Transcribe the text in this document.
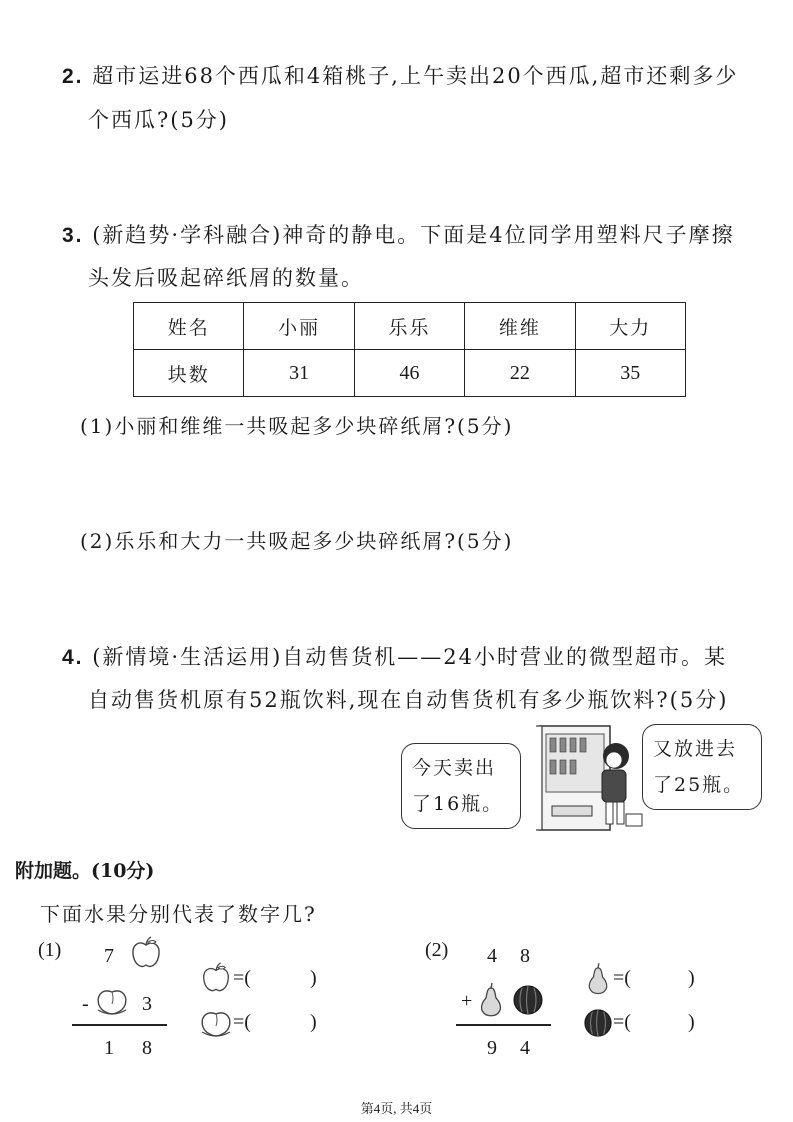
2. 超市运进68个西瓜和4箱桃子,上午卖出20个西瓜,超市还剩多少
个西瓜?(5分)
3. (新趋势·学科融合)神奇的静电。下面是4位同学用塑料尺子摩擦
头发后吸起碎纸屑的数量。
姓名	小丽	乐乐	维维	大力
块数	31	46	22	35
(1)小丽和维维一共吸起多少块碎纸屑?(5分)
(2)乐乐和大力一共吸起多少块碎纸屑?(5分)
4. (新情境·生活运用)自动售货机——24小时营业的微型超市。某
自动售货机原有52瓶饮料,现在自动售货机有多少瓶饮料?(5分)
今天卖出
了16瓶。
又放进去
了25瓶。
附加题。(10分)
下面水果分别代表了数字几?
(1) 7
-	3
1 8
=(	)
=(	)
(2) 4 8
+
9 4
=(	)
=(	)
第4页, 共4页
